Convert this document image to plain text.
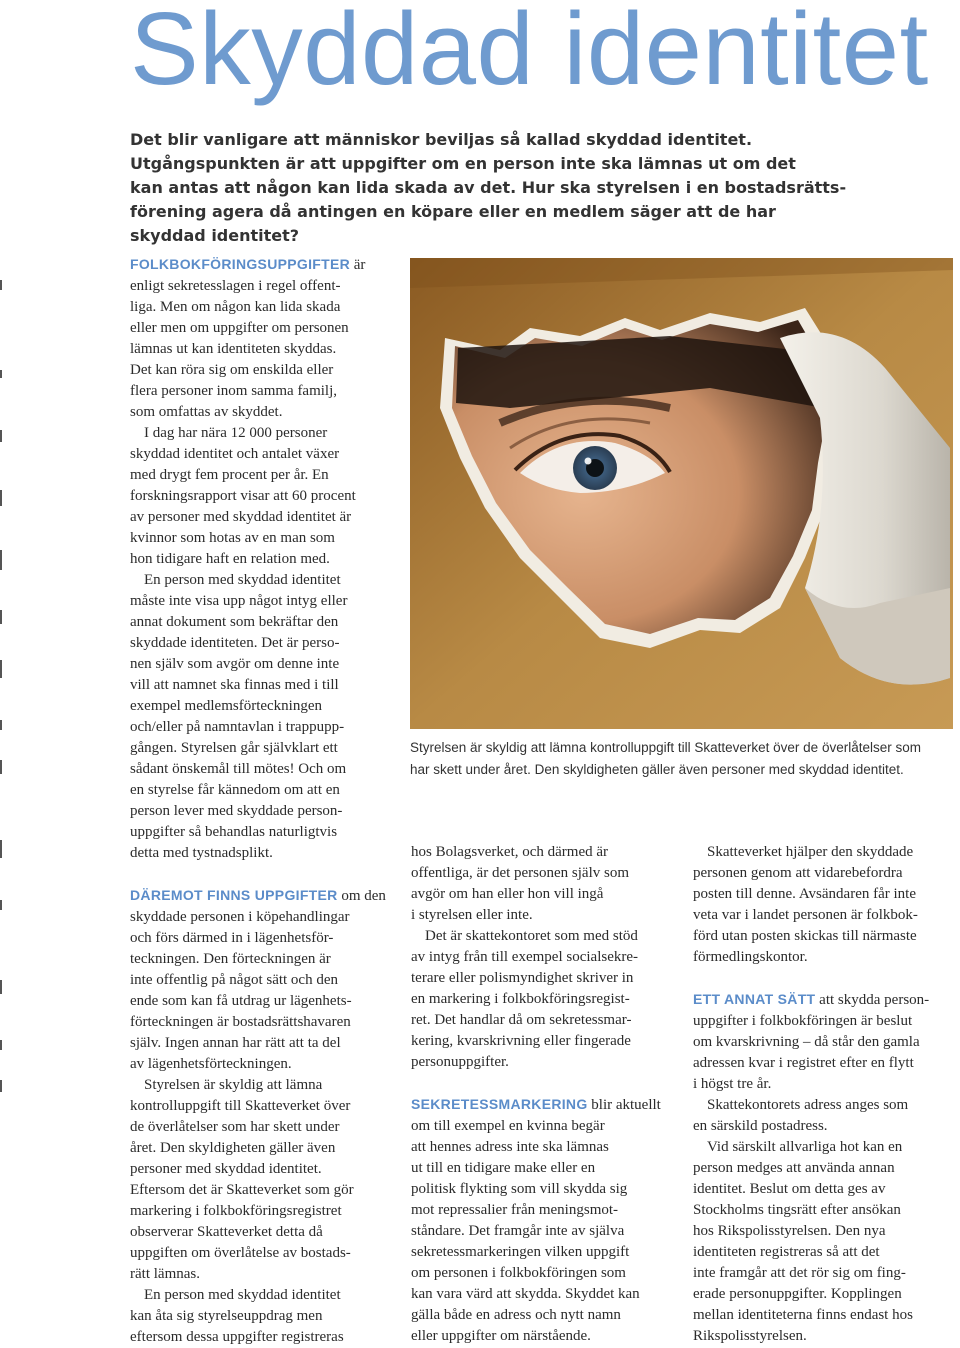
Skyddad identitet
Det blir vanligare att människor beviljas så kallad skyddad identitet.
Utgångspunkten är att uppgifter om en person inte ska lämnas ut om det
kan antas att någon kan lida skada av det. Hur ska styrelsen i en bostadsrätts-
förening agera då antingen en köpare eller en medlem säger att de har
skyddad identitet?

FOLKBOKFÖRINGSUPPGIFTER är
enligt sekretesslagen i regel offent-
liga. Men om någon kan lida skada
eller men om uppgifter om personen
lämnas ut kan identiteten skyddas.
Det kan röra sig om enskilda eller
flera personer inom samma familj,
som omfattas av skyddet.

I dag har nära 12 000 personer
skyddad identitet och antalet växer
med drygt fem procent per år. En
forskningsrapport visar att 60 procent
av personer med skyddad identitet är
kvinnor som hotas av en man som
hon tidigare haft en relation med.

En person med skyddad identitet
måste inte visa upp något intyg eller
annat dokument som bekräftar den
skyddade identiteten. Det är perso-
nen själv som avgör om denne inte
vill att namnet ska finnas med i till
exempel medlemsförteckningen
och/eller på namntavlan i trappupp-
gången. Styrelsen går självklart ett
sådant önskemål till mötes! Och om
en styrelse får kännedom om att en
person lever med skyddade person-
uppgifter så behandlas naturligtvis
detta med tystnadsplikt.

DÄREMOT FINNS UPPGIFTER om den
skyddade personen i köpehandlingar
och förs därmed in i lägenhetsför-
teckningen. Den förteckningen är
inte offentlig på något sätt och den
ende som kan få utdrag ur lägenhets-
förteckningen är bostadsrättshavaren
själv. Ingen annan har rätt att ta del
av lägenhetsförteckningen.

Styrelsen är skyldig att lämna
kontrolluppgift till Skatteverket över
de överlåtelser som har skett under
året. Den skyldigheten gäller även
personer med skyddad identitet.
Eftersom det är Skatteverket som gör
markering i folkbokföringsregistret
observerar Skatteverket detta då
uppgiften om överlåtelse av bostads-
rätt lämnas.

En person med skyddad identitet
kan åta sig styrelseuppdrag men
eftersom dessa uppgifter registreras

Styrelsen är skyldig att lämna kontrolluppgift till Skatteverket över de överlåtelser som
har skett under året. Den skyldigheten gäller även personer med skyddad identitet.

hos Bolagsverket, och därmed är
offentliga, är det personen själv som
avgör om han eller hon vill ingå
i styrelsen eller inte.

Det är skattekontoret som med stöd
av intyg från till exempel socialsekre-
terare eller polismyndighet skriver in
en markering i folkbokföringsregist-
ret. Det handlar då om sekretessmar-
kering, kvarskrivning eller fingerade
personuppgifter.

SEKRETESSMARKERING blir aktuellt
om till exempel en kvinna begär
att hennes adress inte ska lämnas
ut till en tidigare make eller en
politisk flykting som vill skydda sig
mot repressalier från meningsmot-
ståndare. Det framgår inte av själva
sekretessmarkeringen vilken uppgift
om personen i folkbokföringen som
kan vara värd att skydda. Skyddet kan
gälla både en adress och nytt namn
eller uppgifter om närstående.

Skatteverket hjälper den skyddade
personen genom att vidarebefordra
posten till denne. Avsändaren får inte
veta var i landet personen är folkbok-
förd utan posten skickas till närmaste
förmedlingskontor.

ETT ANNAT SÄTT att skydda person-
uppgifter i folkbokföringen är beslut
om kvarskrivning – då står den gamla
adressen kvar i registret efter en flytt
i högst tre år.

Skattekontorets adress anges som
en särskild postadress.

Vid särskilt allvarliga hot kan en
person medges att använda annan
identitet. Beslut om detta ges av
Stockholms tingsrätt efter ansökan
hos Rikspolisstyrelsen. Den nya
identiteten registreras så att det
inte framgår att det rör sig om fing-
erade personuppgifter. Kopplingen
mellan identiteterna finns endast hos
Rikspolisstyrelsen.
